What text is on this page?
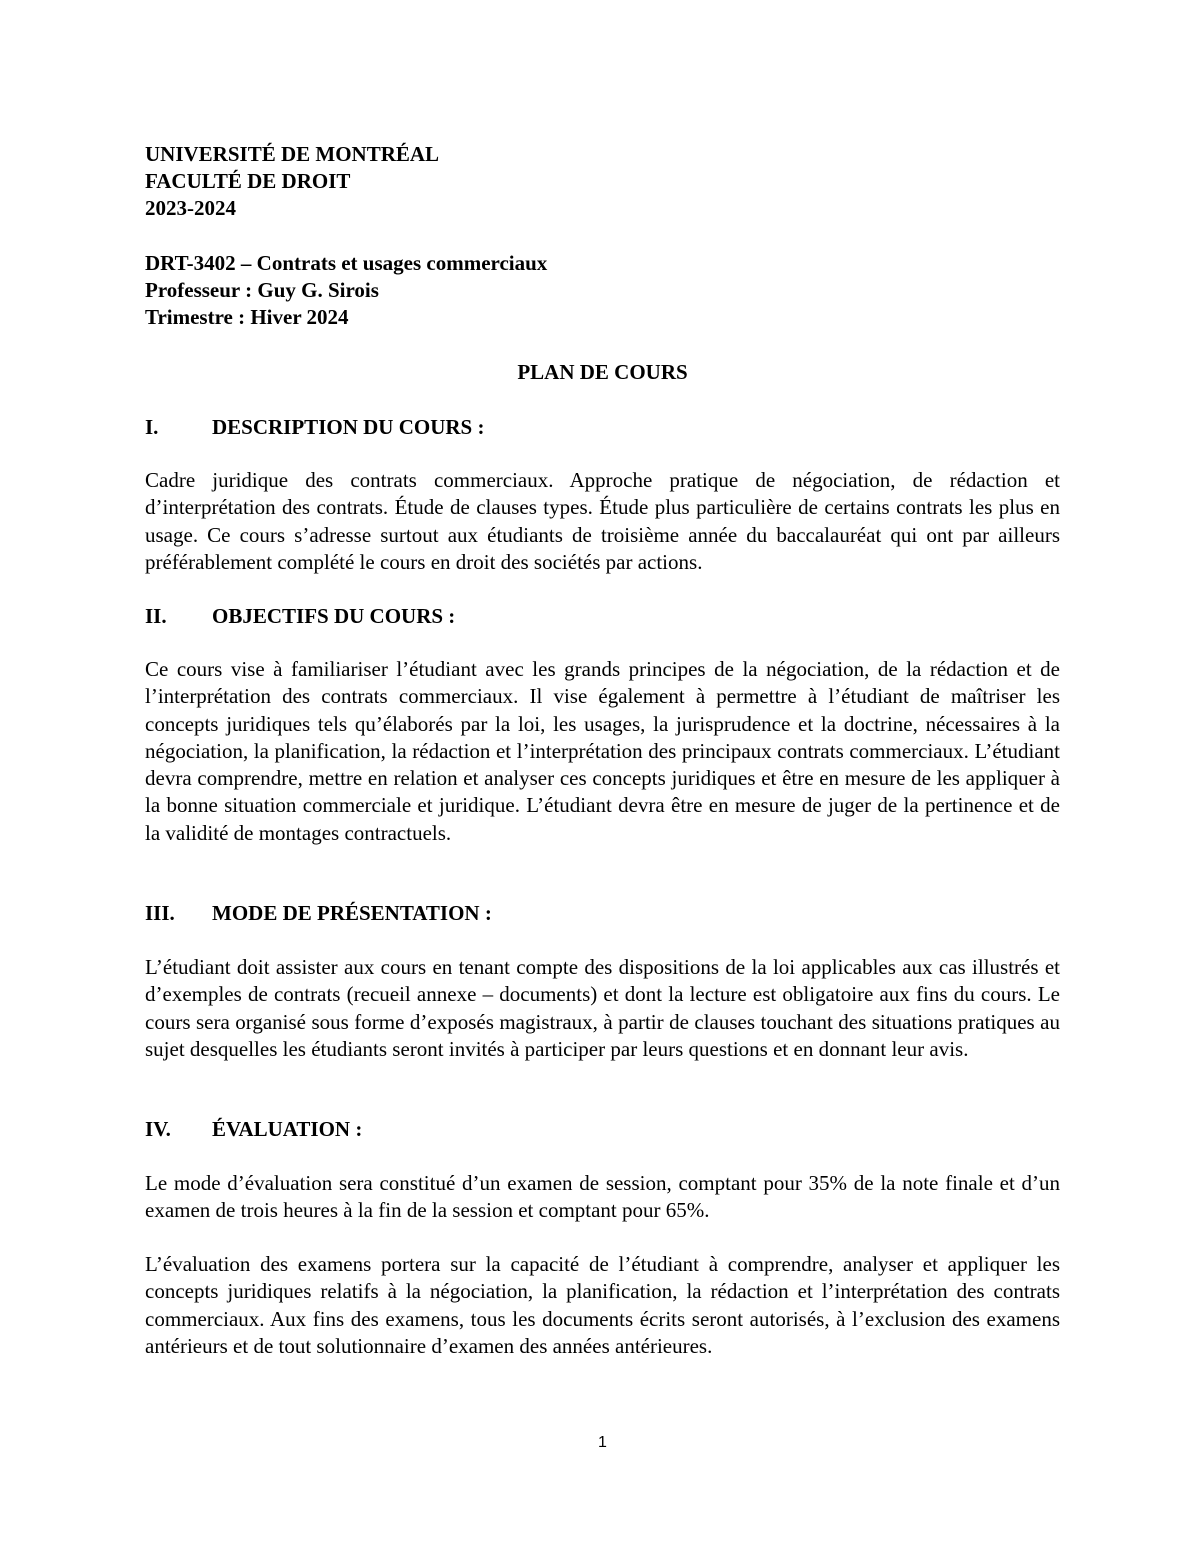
UNIVERSITÉ DE MONTRÉAL
FACULTÉ DE DROIT
2023-2024
DRT-3402 – Contrats et usages commerciaux
Professeur : Guy G. Sirois
Trimestre : Hiver 2024
PLAN DE COURS
I.	DESCRIPTION DU COURS :
Cadre juridique des contrats commerciaux. Approche pratique de négociation, de rédaction et d’interprétation des contrats. Étude de clauses types. Étude plus particulière de certains contrats les plus en usage. Ce cours s’adresse surtout aux étudiants de troisième année du baccalauréat qui ont par ailleurs préférablement complété le cours en droit des sociétés par actions.
II. OBJECTIFS DU COURS :
Ce cours vise à familiariser l’étudiant avec les grands principes de la négociation, de la rédaction et de l’interprétation des contrats commerciaux. Il vise également à permettre à l’étudiant de maîtriser les concepts juridiques tels qu’élaborés par la loi, les usages, la jurisprudence et la doctrine, nécessaires à la négociation, la planification, la rédaction et l’interprétation des principaux contrats commerciaux. L’étudiant devra comprendre, mettre en relation et analyser ces concepts juridiques et être en mesure de les appliquer à la bonne situation commerciale et juridique. L’étudiant devra être en mesure de juger de la pertinence et de la validité de montages contractuels.
III. MODE DE PRÉSENTATION :
L’étudiant doit assister aux cours en tenant compte des dispositions de la loi applicables aux cas illustrés et d’exemples de contrats (recueil annexe – documents) et dont la lecture est obligatoire aux fins du cours. Le cours sera organisé sous forme d’exposés magistraux, à partir de clauses touchant des situations pratiques au sujet desquelles les étudiants seront invités à participer par leurs questions et en donnant leur avis.
IV. ÉVALUATION :
Le mode d’évaluation sera constitué d’un examen de session, comptant pour 35% de la note finale et d’un examen de trois heures à la fin de la session et comptant pour 65%.
L’évaluation des examens portera sur la capacité de l’étudiant à comprendre, analyser et appliquer les concepts juridiques relatifs à la négociation, la planification, la rédaction et l’interprétation des contrats commerciaux. Aux fins des examens, tous les documents écrits seront autorisés, à l’exclusion des examens antérieurs et de tout solutionnaire d’examen des années antérieures.
1
